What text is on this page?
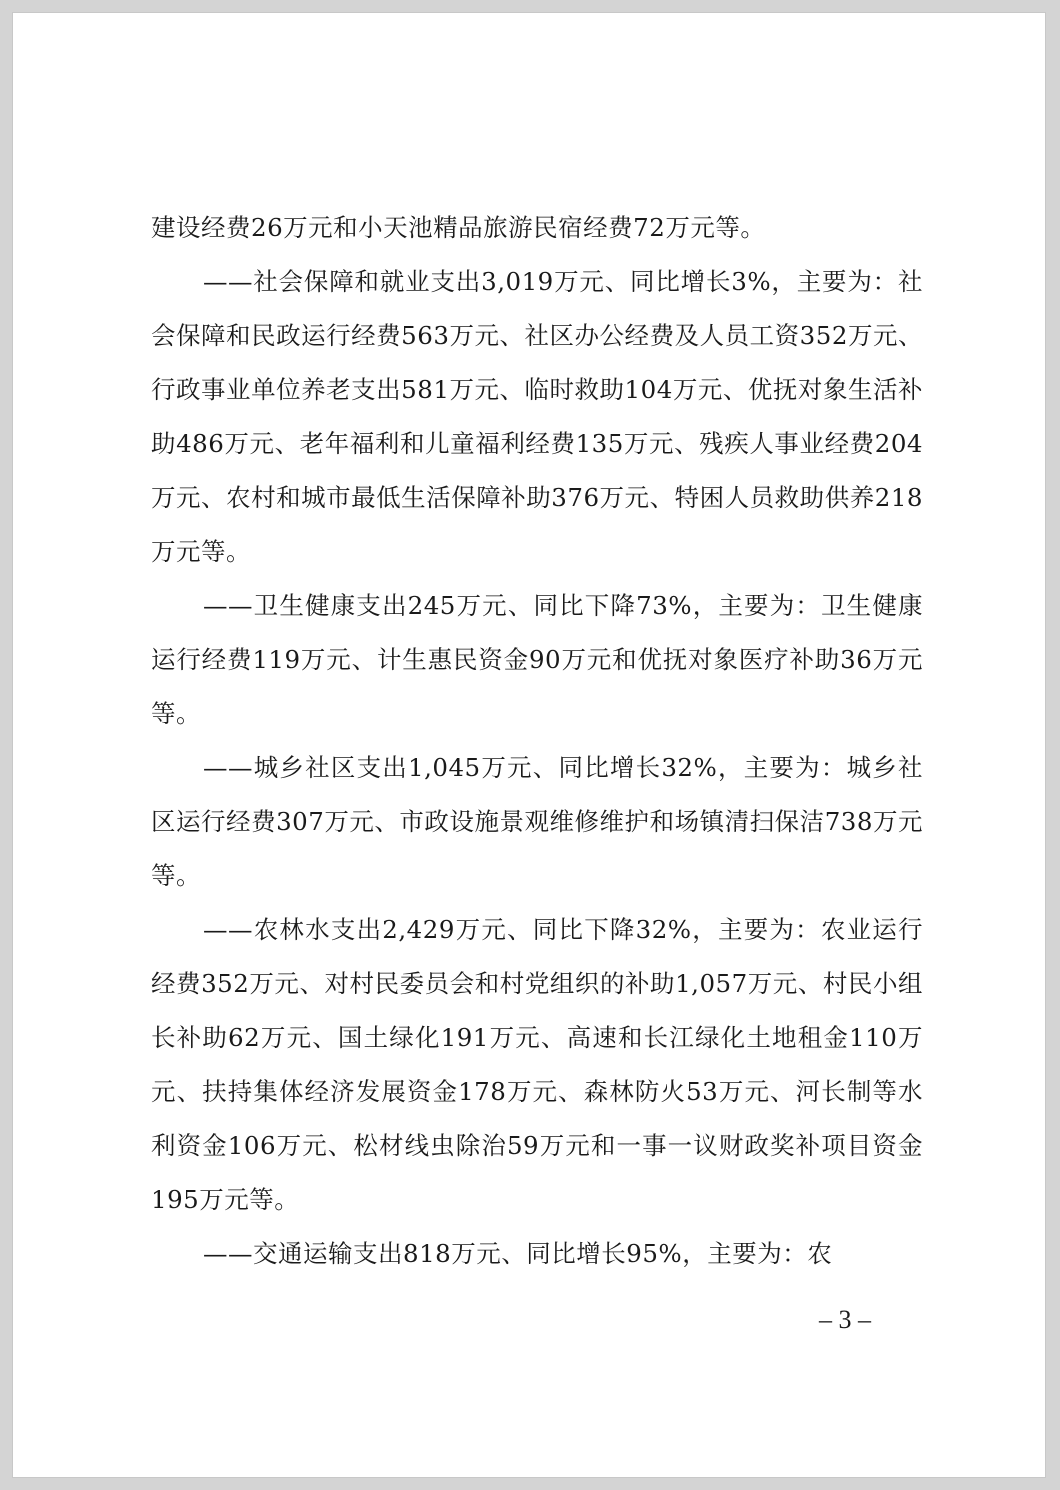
建设经费26万元和小天池精品旅游民宿经费72万元等。

——社会保障和就业支出3,019万元、同比增长3%，主要为：社会保障和民政运行经费563万元、社区办公经费及人员工资352万元、行政事业单位养老支出581万元、临时救助104万元、优抚对象生活补助486万元、老年福利和儿童福利经费135万元、残疾人事业经费204万元、农村和城市最低生活保障补助376万元、特困人员救助供养218万元等。

——卫生健康支出245万元、同比下降73%，主要为：卫生健康运行经费119万元、计生惠民资金90万元和优抚对象医疗补助36万元等。

——城乡社区支出1,045万元、同比增长32%，主要为：城乡社区运行经费307万元、市政设施景观维修维护和场镇清扫保洁738万元等。

——农林水支出2,429万元、同比下降32%，主要为：农业运行经费352万元、对村民委员会和村党组织的补助1,057万元、村民小组长补助62万元、国土绿化191万元、高速和长江绿化土地租金110万元、扶持集体经济发展资金178万元、森林防火53万元、河长制等水利资金106万元、松材线虫除治59万元和一事一议财政奖补项目资金195万元等。

——交通运输支出818万元、同比增长95%，主要为：农

– 3 –
